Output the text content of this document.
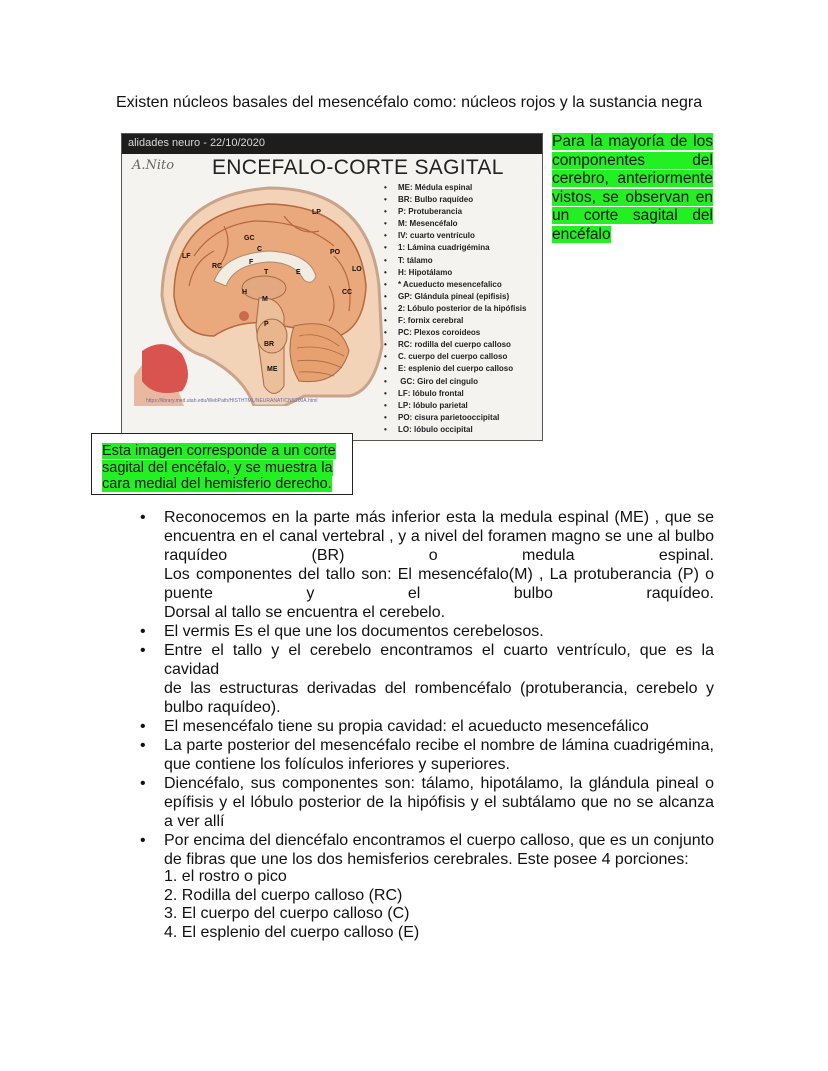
Existen núcleos basales del mesencéfalo como: núcleos rojos y la sustancia negra
alidades neuro - 22/10/2020
A.Nito ENCEFALO-CORTE SAGITAL
LP
GC
C
LF
RC
F
PO
T	E	LO
H	CC
M
P
BR
ME
https://library.med.utah.edu/WebPath/HISTHTML/NEURANAT/CNS200A.html
• ME: Médula espinal
• BR: Bulbo raquídeo
• P: Protuberancia
• M: Mesencéfalo
• IV: cuarto ventrículo
• 1: Lámina cuadrigémina
• T: tálamo
• H: Hipotálamo
• * Acueducto mesencefalico
• GP: Glándula pineal (epifisis)
• 2: Lóbulo posterior de la hipófisis
• F: fornix cerebral
• PC: Plexos coroideos
• RC: rodilla del cuerpo calloso
• C. cuerpo del cuerpo calloso
• E: esplenio del cuerpo calloso
• GC: Giro del cingulo
• LF: lóbulo frontal
• LP: lóbulo parietal
• PO: cisura parietooccipital
• LO: lóbulo occipital

Para la mayoría de los componentes del cerebro, anteriormente vistos, se observan en un corte sagital del encéfalo

Esta imagen corresponde a un corte sagital del encéfalo, y se muestra la cara medial del hemisferio derecho.

• Reconocemos en la parte más inferior esta la medula espinal (ME) , que se
encuentra en el canal vertebral , y a nivel del foramen magno se une al bulbo
raquídeo (BR) o medula espinal.
Los componentes del tallo son: El mesencéfalo(M) , La protuberancia (P) o
puente y el bulbo raquídeo.
Dorsal al tallo se encuentra el cerebelo.
• El vermis Es el que une los documentos cerebelosos.
• Entre el tallo y el cerebelo encontramos el cuarto ventrículo, que es la cavidad
de las estructuras derivadas del rombencéfalo (protuberancia, cerebelo y
bulbo raquídeo).
• El mesencéfalo tiene su propia cavidad: el acueducto mesencefálico
• La parte posterior del mesencéfalo recibe el nombre de lámina cuadrigémina,
que contiene los folículos inferiores y superiores.
• Diencéfalo, sus componentes son: tálamo, hipotálamo, la glándula pineal o
epífisis y el lóbulo posterior de la hipófisis y el subtálamo que no se alcanza
a ver allí
• Por encima del diencéfalo encontramos el cuerpo calloso, que es un conjunto
de fibras que une los dos hemisferios cerebrales. Este posee 4 porciones:
1. el rostro o pico
2. Rodilla del cuerpo calloso (RC)
3. El cuerpo del cuerpo calloso (C)
4. El esplenio del cuerpo calloso (E)
